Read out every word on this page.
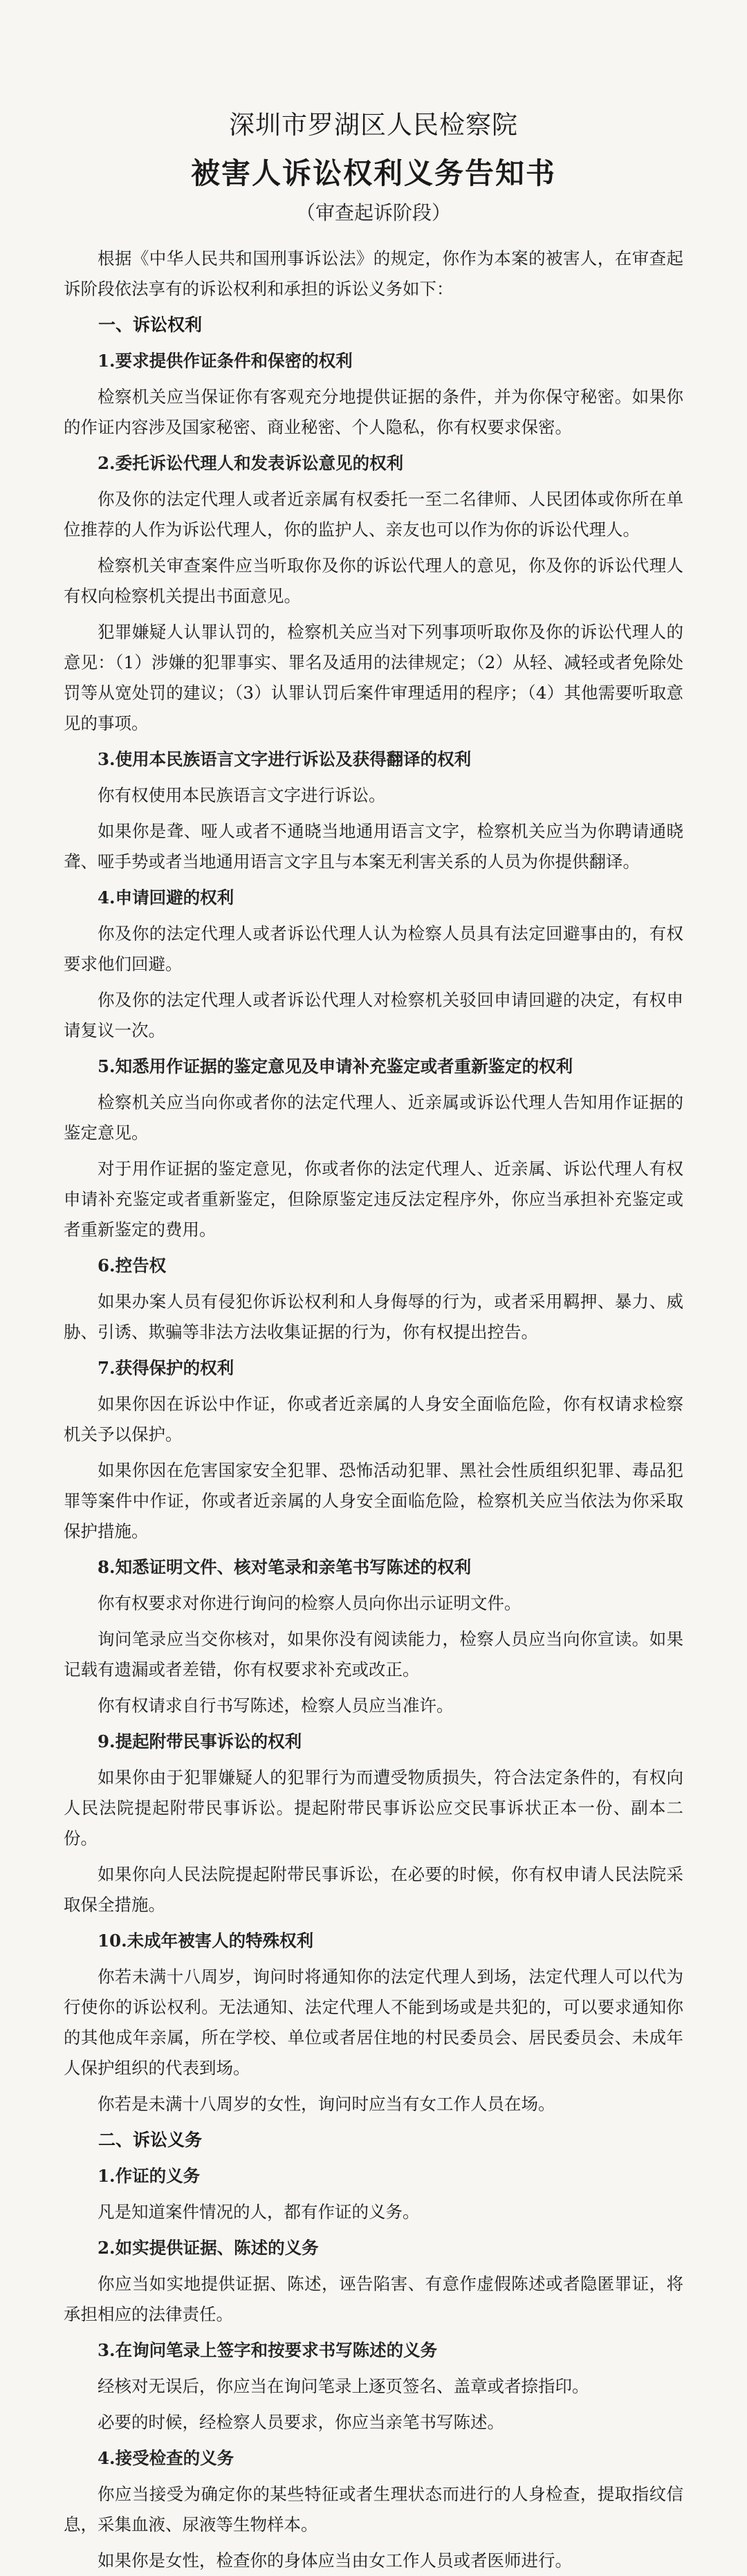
深圳市罗湖区人民检察院
被害人诉讼权利义务告知书
（审查起诉阶段）

根据《中华人民共和国刑事诉讼法》的规定，你作为本案的被害人，在审查起诉阶段依法享有的诉讼权利和承担的诉讼义务如下：

一、诉讼权利
1.要求提供作证条件和保密的权利

检察机关应当保证你有客观充分地提供证据的条件，并为你保守秘密。如果你的作证内容涉及国家秘密、商业秘密、个人隐私，你有权要求保密。

2.委托诉讼代理人和发表诉讼意见的权利

你及你的法定代理人或者近亲属有权委托一至二名律师、人民团体或你所在单位推荐的人作为诉讼代理人，你的监护人、亲友也可以作为你的诉讼代理人。

检察机关审查案件应当听取你及你的诉讼代理人的意见，你及你的诉讼代理人有权向检察机关提出书面意见。

犯罪嫌疑人认罪认罚的，检察机关应当对下列事项听取你及你的诉讼代理人的意见：（1）涉嫌的犯罪事实、罪名及适用的法律规定；（2）从轻、减轻或者免除处罚等从宽处罚的建议；（3）认罪认罚后案件审理适用的程序；（4）其他需要听取意见的事项。

3.使用本民族语言文字进行诉讼及获得翻译的权利

你有权使用本民族语言文字进行诉讼。

如果你是聋、哑人或者不通晓当地通用语言文字，检察机关应当为你聘请通晓聋、哑手势或者当地通用语言文字且与本案无利害关系的人员为你提供翻译。

4.申请回避的权利

你及你的法定代理人或者诉讼代理人认为检察人员具有法定回避事由的，有权要求他们回避。

你及你的法定代理人或者诉讼代理人对检察机关驳回申请回避的决定，有权申请复议一次。

5.知悉用作证据的鉴定意见及申请补充鉴定或者重新鉴定的权利

检察机关应当向你或者你的法定代理人、近亲属或诉讼代理人告知用作证据的鉴定意见。

对于用作证据的鉴定意见，你或者你的法定代理人、近亲属、诉讼代理人有权申请补充鉴定或者重新鉴定，但除原鉴定违反法定程序外，你应当承担补充鉴定或者重新鉴定的费用。

6.控告权

如果办案人员有侵犯你诉讼权利和人身侮辱的行为，或者采用羁押、暴力、威胁、引诱、欺骗等非法方法收集证据的行为，你有权提出控告。

7.获得保护的权利

如果你因在诉讼中作证，你或者近亲属的人身安全面临危险，你有权请求检察机关予以保护。

如果你因在危害国家安全犯罪、恐怖活动犯罪、黑社会性质组织犯罪、毒品犯罪等案件中作证，你或者近亲属的人身安全面临危险，检察机关应当依法为你采取保护措施。

8.知悉证明文件、核对笔录和亲笔书写陈述的权利

你有权要求对你进行询问的检察人员向你出示证明文件。

询问笔录应当交你核对，如果你没有阅读能力，检察人员应当向你宣读。如果记载有遗漏或者差错，你有权要求补充或改正。

你有权请求自行书写陈述，检察人员应当准许。

9.提起附带民事诉讼的权利

如果你由于犯罪嫌疑人的犯罪行为而遭受物质损失，符合法定条件的，有权向人民法院提起附带民事诉讼。提起附带民事诉讼应交民事诉状正本一份、副本二份。

如果你向人民法院提起附带民事诉讼，在必要的时候，你有权申请人民法院采取保全措施。

10.未成年被害人的特殊权利

你若未满十八周岁，询问时将通知你的法定代理人到场，法定代理人可以代为行使你的诉讼权利。无法通知、法定代理人不能到场或是共犯的，可以要求通知你的其他成年亲属，所在学校、单位或者居住地的村民委员会、居民委员会、未成年人保护组织的代表到场。

你若是未满十八周岁的女性，询问时应当有女工作人员在场。

二、诉讼义务
1.作证的义务

凡是知道案件情况的人，都有作证的义务。

2.如实提供证据、陈述的义务

你应当如实地提供证据、陈述，诬告陷害、有意作虚假陈述或者隐匿罪证，将承担相应的法律责任。

3.在询问笔录上签字和按要求书写陈述的义务

经核对无误后，你应当在询问笔录上逐页签名、盖章或者捺指印。

必要的时候，经检察人员要求，你应当亲笔书写陈述。

4.接受检查的义务

你应当接受为确定你的某些特征或者生理状态而进行的人身检查，提取指纹信息，采集血液、尿液等生物样本。

如果你是女性，检查你的身体应当由女工作人员或者医师进行。
